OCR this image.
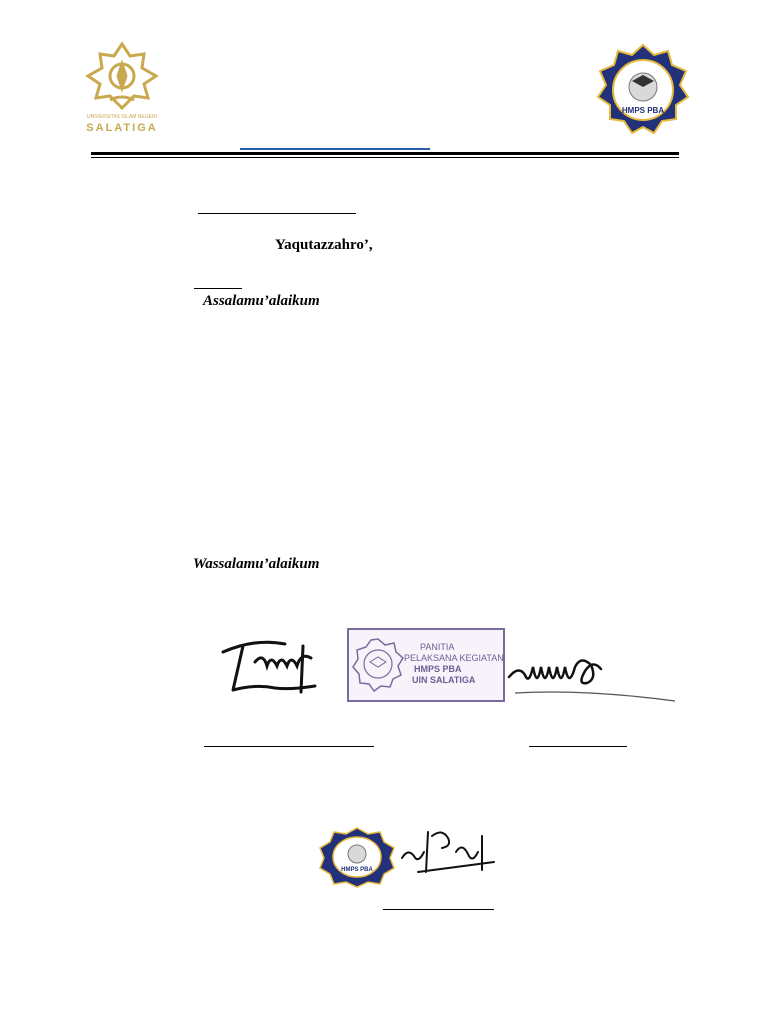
UNIVERSITAS ISLAM NEGERI
SALATIGA
HMPS PBA
Yaqutazzahro’,
Assalamu’alaikum
Wassalamu’alaikum
PANITIA
PELAKSANA KEGIATAN
HMPS PBA
UIN SALATIGA
HMPS PBA
